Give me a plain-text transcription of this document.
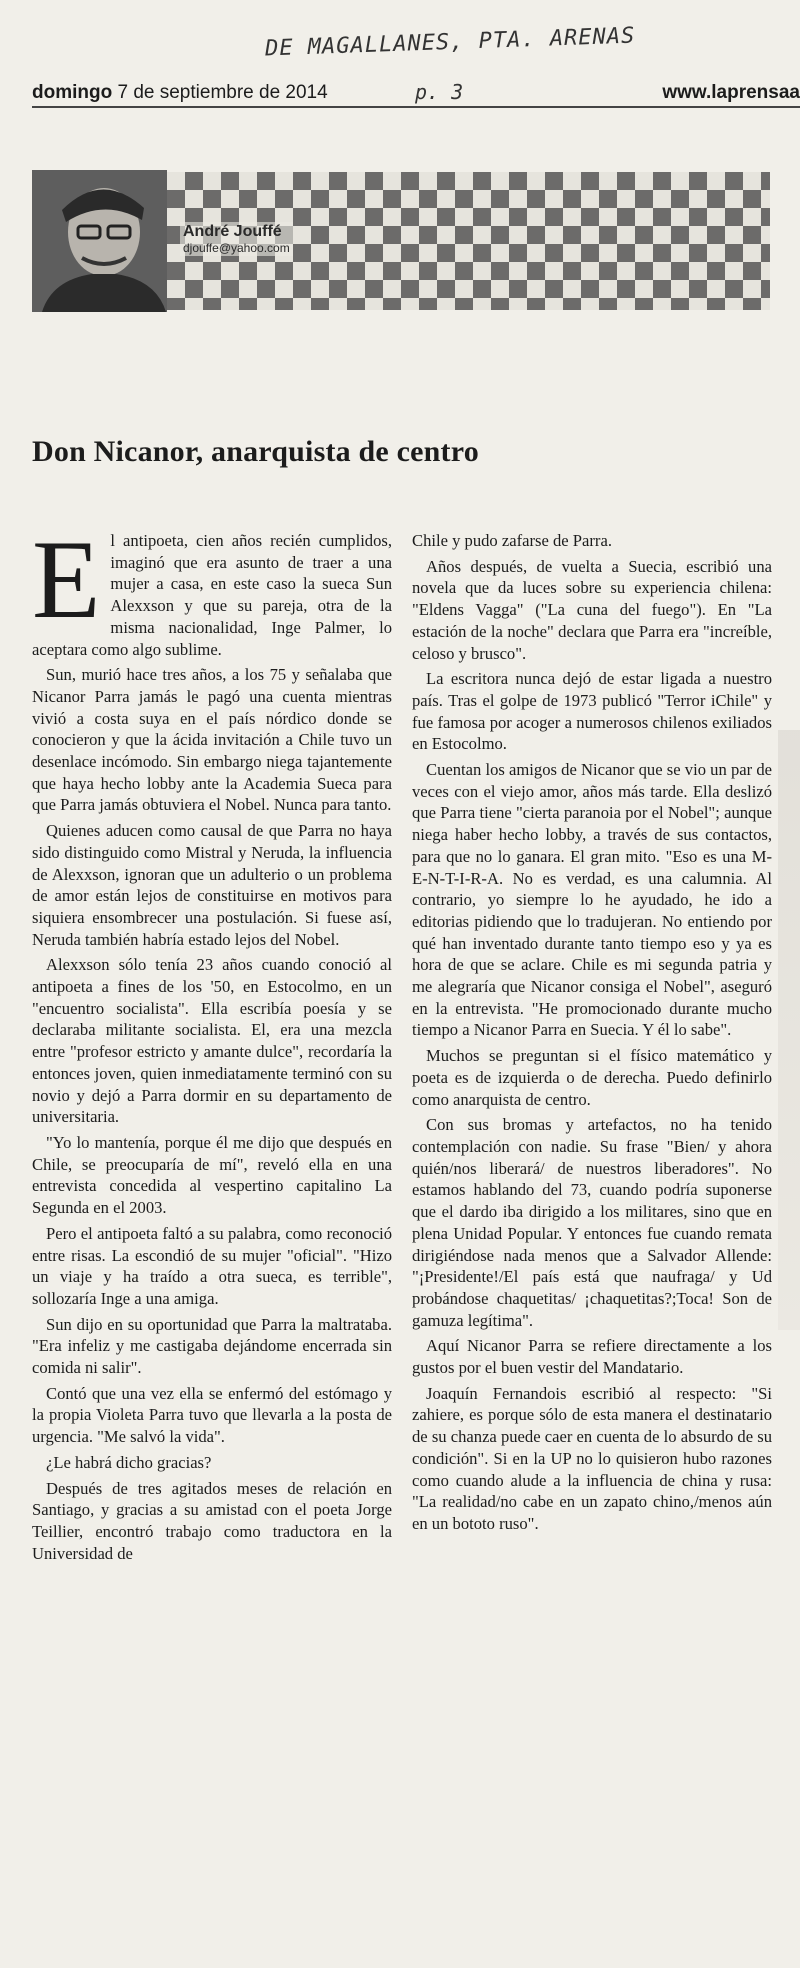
DE MAGALLANES, PTA. ARENAS
p. 3
domingo 7 de septiembre de 2014	www.laprensaa
André Jouffé
djouffe@yahoo.com
Don Nicanor, anarquista de centro

El antipoeta, cien años recién cumplidos, imaginó que era asunto de traer a una mujer a casa, en este caso la sueca Sun Alexxson y que su pareja, otra de la misma nacionalidad, Inge Palmer, lo aceptara como algo sublime.

Sun, murió hace tres años, a los 75 y señalaba que Nicanor Parra jamás le pagó una cuenta mientras vivió a costa suya en el país nórdico donde se conocieron y que la ácida invitación a Chile tuvo un desenlace incómodo. Sin embargo niega tajantemente que haya hecho lobby ante la Academia Sueca para que Parra jamás obtuviera el Nobel. Nunca para tanto.

Quienes aducen como causal de que Parra no haya sido distinguido como Mistral y Neruda, la influencia de Alexxson, ignoran que un adulterio o un problema de amor están lejos de constituirse en motivos para siquiera ensombrecer una postulación. Si fuese así, Neruda también habría estado lejos del Nobel.

Alexxson sólo tenía 23 años cuando conoció al antipoeta a fines de los '50, en Estocolmo, en un "encuentro socialista". Ella escribía poesía y se declaraba militante socialista. El, era una mezcla entre "profesor estricto y amante dulce", recordaría la entonces joven, quien inmediatamente terminó con su novio y dejó a Parra dormir en su departamento de universitaria.

"Yo lo mantenía, porque él me dijo que después en Chile, se preocuparía de mí", reveló ella en una entrevista concedida al vespertino capitalino La Segunda en el 2003.

Pero el antipoeta faltó a su palabra, como reconoció entre risas. La escondió de su mujer "oficial". "Hizo un viaje y ha traído a otra sueca, es terrible", sollozaría Inge a una amiga.

Sun dijo en su oportunidad que Parra la maltrataba. "Era infeliz y me castigaba dejándome encerrada sin comida ni salir".

Contó que una vez ella se enfermó del estómago y la propia Violeta Parra tuvo que llevarla a la posta de urgencia. "Me salvó la vida".

¿Le habrá dicho gracias?

Después de tres agitados meses de relación en Santiago, y gracias a su amistad con el poeta Jorge Teillier, encontró trabajo como traductora en la Universidad de

Chile y pudo zafarse de Parra.

Años después, de vuelta a Suecia, escribió una novela que da luces sobre su experiencia chilena: "Eldens Vagga" ("La cuna del fuego"). En "La estación de la noche" declara que Parra era "increíble, celoso y brusco".

La escritora nunca dejó de estar ligada a nuestro país. Tras el golpe de 1973 publicó "Terror iChile" y fue famosa por acoger a numerosos chilenos exiliados en Estocolmo.

Cuentan los amigos de Nicanor que se vio un par de veces con el viejo amor, años más tarde. Ella deslizó que Parra tiene "cierta paranoia por el Nobel"; aunque niega haber hecho lobby, a través de sus contactos, para que no lo ganara. El gran mito. "Eso es una M-E-N-T-I-R-A. No es verdad, es una calumnia. Al contrario, yo siempre lo he ayudado, he ido a editorias pidiendo que lo tradujeran. No entiendo por qué han inventado durante tanto tiempo eso y ya es hora de que se aclare. Chile es mi segunda patria y me alegraría que Nicanor consiga el Nobel", aseguró en la entrevista. "He promocionado durante mucho tiempo a Nicanor Parra en Suecia. Y él lo sabe".

Muchos se preguntan si el físico matemático y poeta es de izquierda o de derecha. Puedo definirlo como anarquista de centro.

Con sus bromas y artefactos, no ha tenido contemplación con nadie. Su frase "Bien/ y ahora quién/nos liberará/ de nuestros liberadores". No estamos hablando del 73, cuando podría suponerse que el dardo iba dirigido a los militares, sino que en plena Unidad Popular. Y entonces fue cuando remata dirigiéndose nada menos que a Salvador Allende: "¡Presidente!/El país está que naufraga/ y Ud probándose chaquetitas/ ¡chaquetitas?;Toca! Son de gamuza legítima".

Aquí Nicanor Parra se refiere directamente a los gustos por el buen vestir del Mandatario.

Joaquín Fernandois escribió al respecto: "Si zahiere, es porque sólo de esta manera el destinatario de su chanza puede caer en cuenta de lo absurdo de su condición". Si en la UP no lo quisieron hubo razones como cuando alude a la influencia de china y rusa: "La realidad/no cabe en un zapato chino,/menos aún en un bototo ruso".
